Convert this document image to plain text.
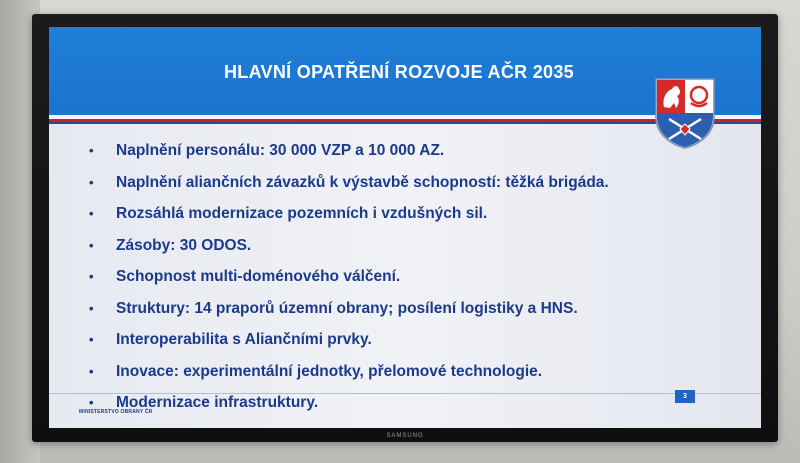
HLAVNÍ OPATŘENÍ ROZVOJE AČR 2035
• Naplnění personálu: 30 000 VZP a 10 000 AZ.
• Naplnění aliančních závazků k výstavbě schopností: těžká brigáda.
• Rozsáhlá modernizace pozemních i vzdušných sil.
• Zásoby: 30 ODOS.
• Schopnost multi-doménového válčení.
• Struktury: 14 praporů územní obrany; posílení logistiky a HNS.
• Interoperabilita s Aliančními prvky.
• Inovace: experimentální jednotky, přelomové technologie.
• Modernizace infrastruktury.
MINISTERSTVO OBRANY ČR
3
SAMSUNG
